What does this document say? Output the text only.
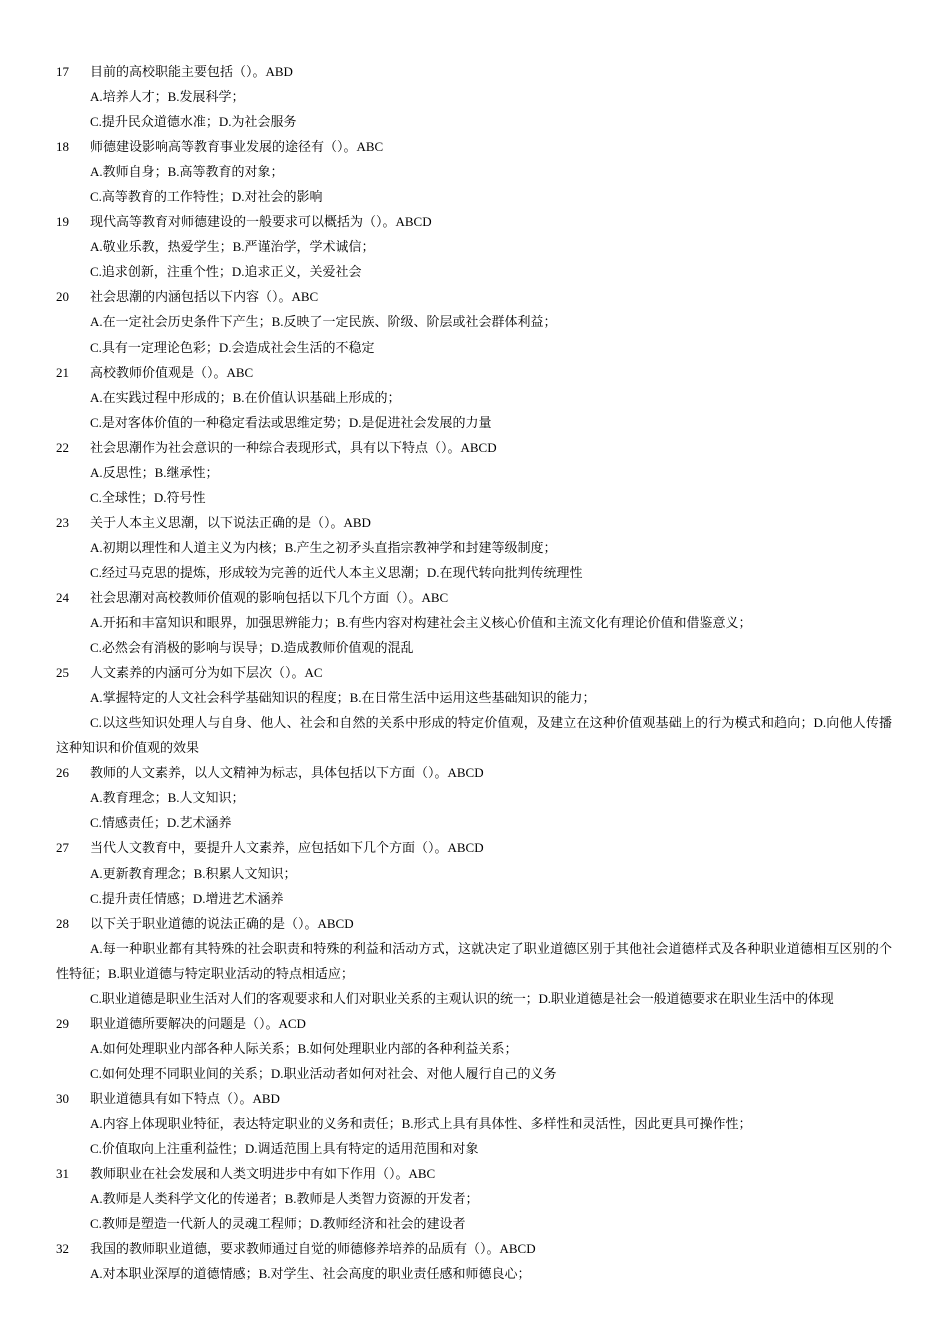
17 目前的高校职能主要包括（）。ABD
A.培养人才；B.发展科学；
C.提升民众道德水准；D.为社会服务
18 师德建设影响高等教育事业发展的途径有（）。ABC
A.教师自身；B.高等教育的对象；
C.高等教育的工作特性；D.对社会的影响
19 现代高等教育对师德建设的一般要求可以概括为（）。ABCD
A.敬业乐教，热爱学生；B.严谨治学，学术诚信；
C.追求创新，注重个性；D.追求正义，关爱社会
20 社会思潮的内涵包括以下内容（）。ABC
A.在一定社会历史条件下产生；B.反映了一定民族、阶级、阶层或社会群体利益；
C.具有一定理论色彩；D.会造成社会生活的不稳定
21 高校教师价值观是（）。ABC
A.在实践过程中形成的；B.在价值认识基础上形成的；
C.是对客体价值的一种稳定看法或思维定势；D.是促进社会发展的力量
22 社会思潮作为社会意识的一种综合表现形式，具有以下特点（）。ABCD
A.反思性；B.继承性；
C.全球性；D.符号性
23 关于人本主义思潮，以下说法正确的是（）。ABD
A.初期以理性和人道主义为内核；B.产生之初矛头直指宗教神学和封建等级制度；
C.经过马克思的提炼，形成较为完善的近代人本主义思潮；D.在现代转向批判传统理性
24 社会思潮对高校教师价值观的影响包括以下几个方面（）。ABC
A.开拓和丰富知识和眼界，加强思辨能力；B.有些内容对构建社会主义核心价值和主流文化有理论价值和借鉴意义；
C.必然会有消极的影响与误导；D.造成教师价值观的混乱
25 人文素养的内涵可分为如下层次（）。AC
A.掌握特定的人文社会科学基础知识的程度；B.在日常生活中运用这些基础知识的能力；
C.以这些知识处理人与自身、他人、社会和自然的关系中形成的特定价值观，及建立在这种价值观基础上的行为模式和趋向；D.向他人传播这种知识和价值观的效果
26 教师的人文素养，以人文精神为标志，具体包括以下方面（）。ABCD
A.教育理念；B.人文知识；
C.情感责任；D.艺术涵养
27 当代人文教育中，要提升人文素养，应包括如下几个方面（）。ABCD
A.更新教育理念；B.积累人文知识；
C.提升责任情感；D.增进艺术涵养
28 以下关于职业道德的说法正确的是（）。ABCD
A.每一种职业都有其特殊的社会职责和特殊的利益和活动方式，这就决定了职业道德区别于其他社会道德样式及各种职业道德相互区别的个性特征；B.职业道德与特定职业活动的特点相适应；
C.职业道德是职业生活对人们的客观要求和人们对职业关系的主观认识的统一；D.职业道德是社会一般道德要求在职业生活中的体现
29 职业道德所要解决的问题是（）。ACD
A.如何处理职业内部各种人际关系；B.如何处理职业内部的各种利益关系；
C.如何处理不同职业间的关系；D.职业活动者如何对社会、对他人履行自己的义务
30 职业道德具有如下特点（）。ABD
A.内容上体现职业特征，表达特定职业的义务和责任；B.形式上具有具体性、多样性和灵活性，因此更具可操作性；
C.价值取向上注重利益性；D.调适范围上具有特定的适用范围和对象
31 教师职业在社会发展和人类文明进步中有如下作用（）。ABC
A.教师是人类科学文化的传递者；B.教师是人类智力资源的开发者；
C.教师是塑造一代新人的灵魂工程师；D.教师经济和社会的建设者
32 我国的教师职业道德，要求教师通过自觉的师德修养培养的品质有（）。ABCD
A.对本职业深厚的道德情感；B.对学生、社会高度的职业责任感和师德良心；
